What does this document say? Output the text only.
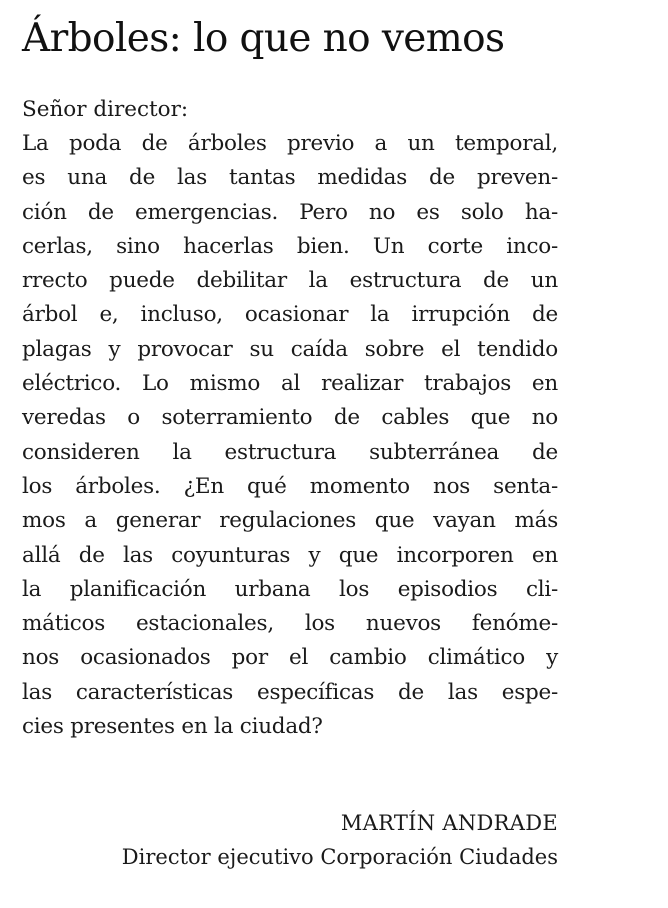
Árboles: lo que no vemos
Señor director:
La poda de árboles previo a un temporal,
es una de las tantas medidas de preven-
ción de emergencias. Pero no es solo ha-
cerlas, sino hacerlas bien. Un corte inco-
rrecto puede debilitar la estructura de un
árbol e, incluso, ocasionar la irrupción de
plagas y provocar su caída sobre el tendido
eléctrico. Lo mismo al realizar trabajos en
veredas o soterramiento de cables que no
consideren la estructura subterránea de
los árboles. ¿En qué momento nos senta-
mos a generar regulaciones que vayan más
allá de las coyunturas y que incorporen en
la planificación urbana los episodios cli-
máticos estacionales, los nuevos fenóme-
nos ocasionados por el cambio climático y
las características específicas de las espe-
cies presentes en la ciudad?
MARTÍN ANDRADE
Director ejecutivo Corporación Ciudades
